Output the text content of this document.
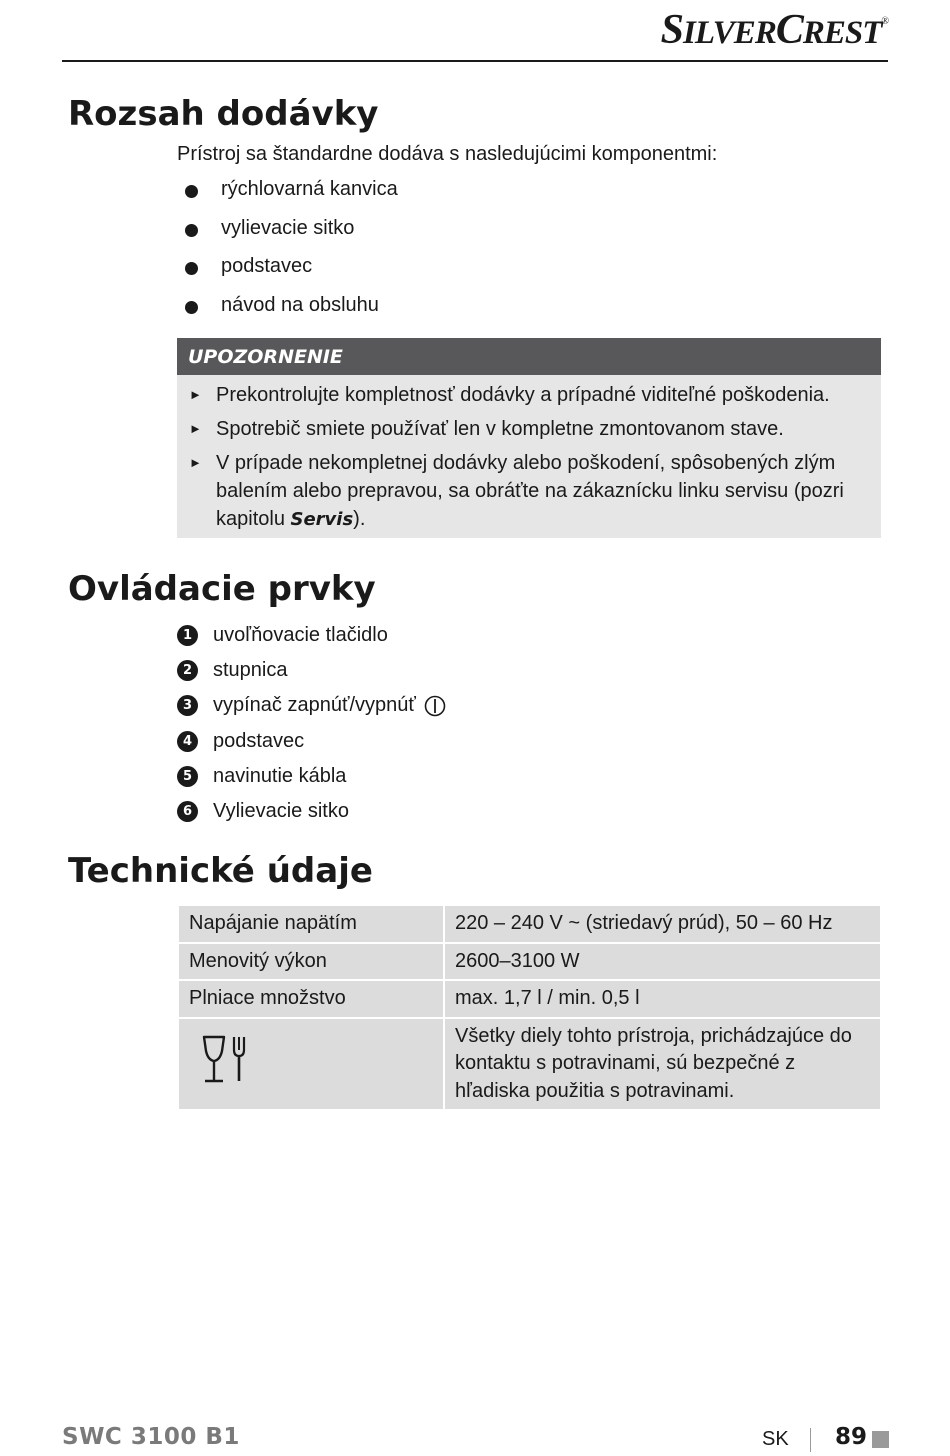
SILVERCREST®
Rozsah dodávky
Prístroj sa štandardne dodáva s nasledujúcimi komponentmi:
rýchlovarná kanvica
vylievacie sitko
podstavec
návod na obsluhu
UPOZORNENIE
► Prekontrolujte kompletnosť dodávky a prípadné viditeľné poškodenia.
► Spotrebič smiete používať len v kompletne zmontovanom stave.
► V prípade nekompletnej dodávky alebo poškodení, spôsobených zlým balením alebo prepravou, sa obráťte na zákaznícku linku servisu (pozri kapitolu Servis).
Ovládacie prvky
1 uvoľňovacie tlačidlo
2 stupnica
3 vypínač zapnúť/vypnúť
4 podstavec
5 navinutie kábla
6 Vylievacie sitko
Technické údaje
Napájanie napätím	220 – 240 V ~ (striedavý prúd), 50 – 60 Hz
Menovitý výkon	2600–3100 W
Plniace množstvo	max. 1,7 l / min. 0,5 l
	Všetky diely tohto prístroja, prichádzajúce do kontaktu s potravinami, sú bezpečné z hľadiska použitia s potravinami.
SWC 3100 B1	SK 89
